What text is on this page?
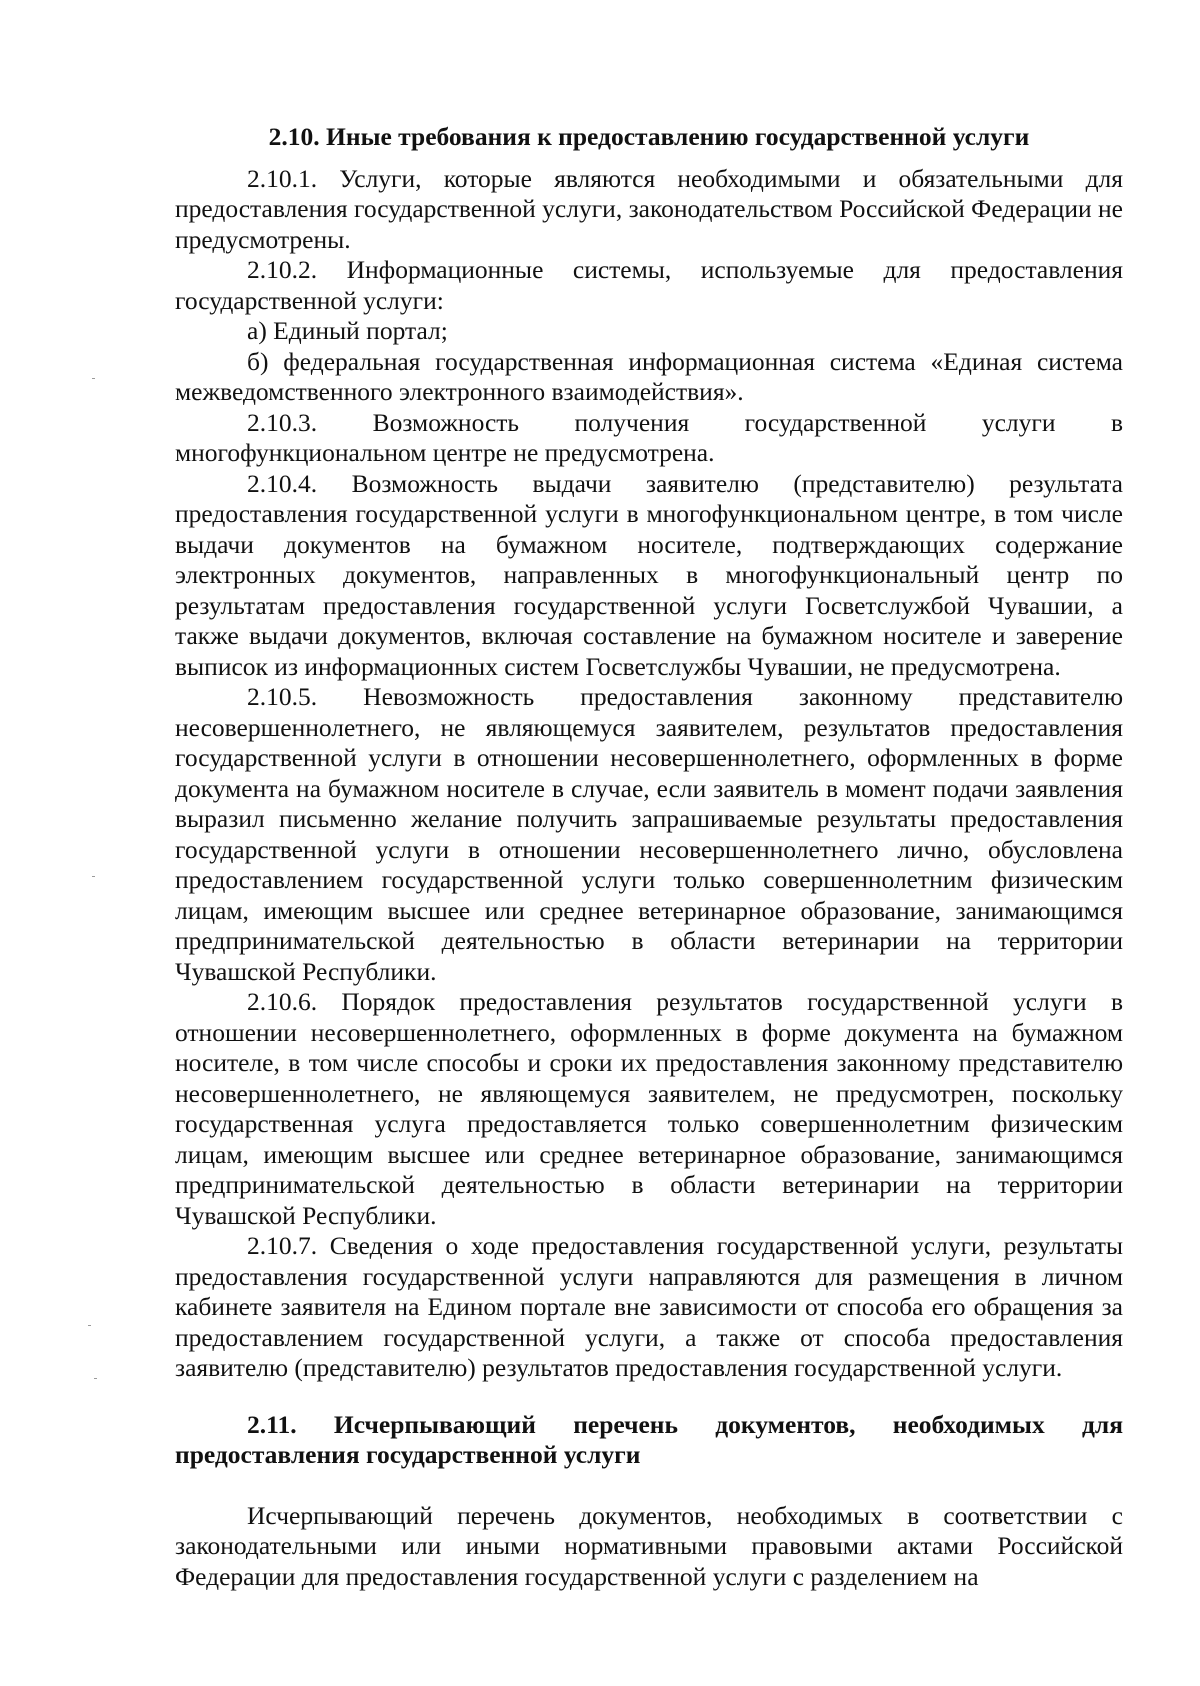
2.10. Иные требования к предоставлению государственной услуги

2.10.1. Услуги, которые являются необходимыми и обязательными для предоставления государственной услуги, законодательством Российской Федерации не предусмотрены.

2.10.2. Информационные системы, используемые для предоставления государственной услуги:

а) Единый портал;

б) федеральная государственная информационная система «Единая система межведомственного электронного взаимодействия».

2.10.3. Возможность получения государственной услуги в многофункциональном центре не предусмотрена.

2.10.4. Возможность выдачи заявителю (представителю) результата предоставления государственной услуги в многофункциональном центре, в том числе выдачи документов на бумажном носителе, подтверждающих содержание электронных документов, направленных в многофункциональный центр по результатам предоставления государственной услуги Госветслужбой Чувашии, а также выдачи документов, включая составление на бумажном носителе и заверение выписок из информационных систем Госветслужбы Чувашии, не предусмотрена.

2.10.5. Невозможность предоставления законному представителю несовершеннолетнего, не являющемуся заявителем, результатов предоставления государственной услуги в отношении несовершеннолетнего, оформленных в форме документа на бумажном носителе в случае, если заявитель в момент подачи заявления выразил письменно желание получить запрашиваемые результаты предоставления государственной услуги в отношении несовершеннолетнего лично, обусловлена предоставлением государственной услуги только совершеннолетним физическим лицам, имеющим высшее или среднее ветеринарное образование, занимающимся предпринимательской деятельностью в области ветеринарии на территории Чувашской Республики.

2.10.6. Порядок предоставления результатов государственной услуги в отношении несовершеннолетнего, оформленных в форме документа на бумажном носителе, в том числе способы и сроки их предоставления законному представителю несовершеннолетнего, не являющемуся заявителем, не предусмотрен, поскольку государственная услуга предоставляется только совершеннолетним физическим лицам, имеющим высшее или среднее ветеринарное образование, занимающимся предпринимательской деятельностью в области ветеринарии на территории Чувашской Республики.

2.10.7. Сведения о ходе предоставления государственной услуги, результаты предоставления государственной услуги направляются для размещения в личном кабинете заявителя на Едином портале вне зависимости от способа его обращения за предоставлением государственной услуги, а также от способа предоставления заявителю (представителю) результатов предоставления государственной услуги.

2.11. Исчерпывающий перечень документов, необходимых для предоставления государственной услуги

Исчерпывающий перечень документов, необходимых в соответствии с законодательными или иными нормативными правовыми актами Российской Федерации для предоставления государственной услуги с разделением на
